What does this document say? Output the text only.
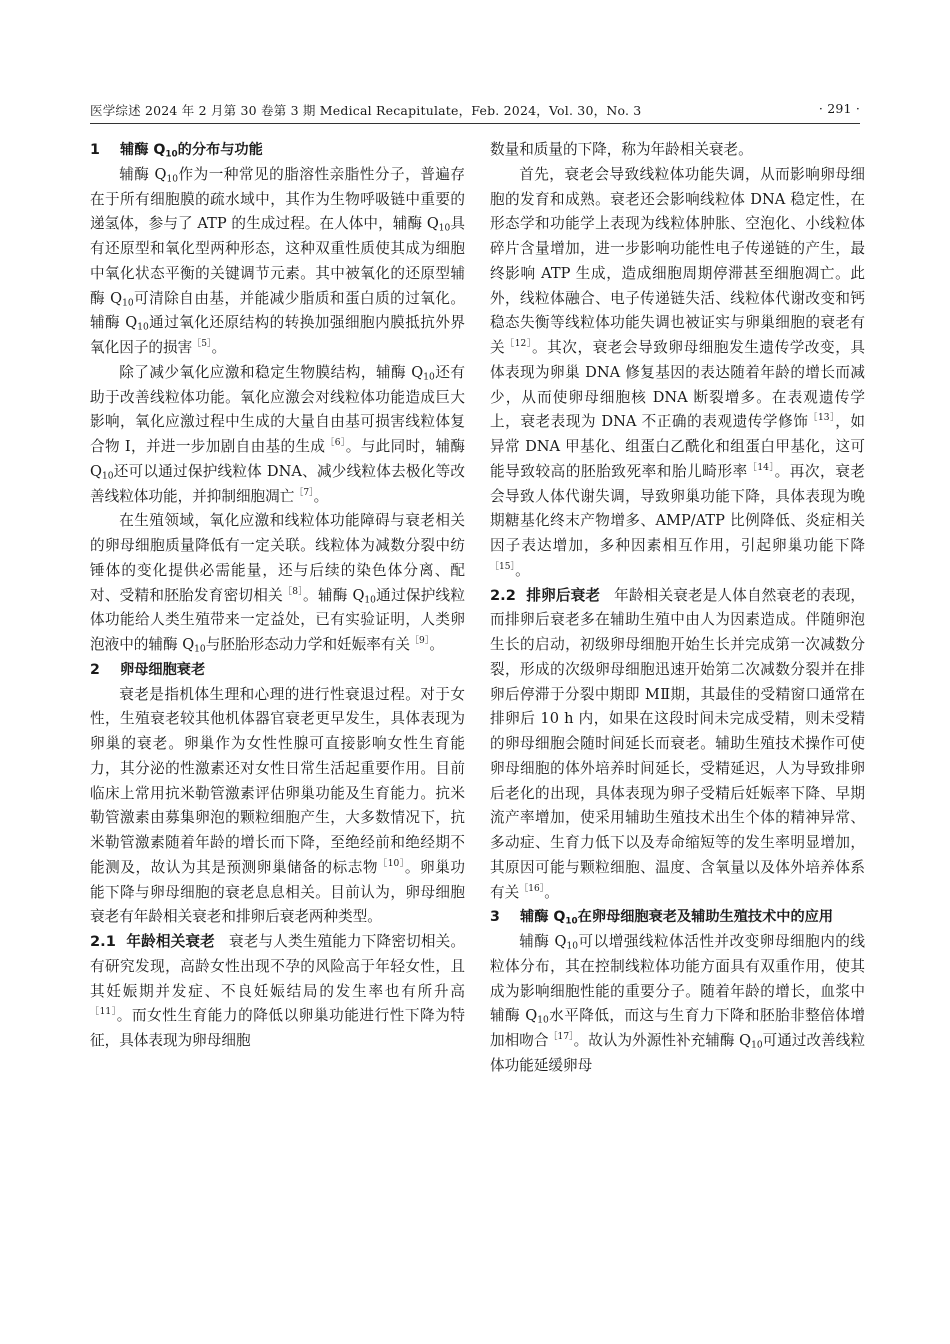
医学综述 2024 年 2 月第 30 卷第 3 期 Medical Recapitulate，Feb. 2024，Vol. 30，No. 3	· 291 ·
1 辅酶 $Q_{10}$的分布与功能

辅酶 $Q_{10}$作为一种常见的脂溶性亲脂性分子，普遍存在于所有细胞膜的疏水域中，其作为生物呼吸链中重要的递氢体，参与了 ATP 的生成过程。在人体中，辅酶 $Q_{10}$具有还原型和氧化型两种形态，这种双重性质使其成为细胞中氧化状态平衡的关键调节元素。其中被氧化的还原型辅酶 $Q_{10}$可清除自由基，并能减少脂质和蛋白质的过氧化。辅酶 $Q_{10}$通过氧化还原结构的转换加强细胞内膜抵抗外界氧化因子的损害$^{[5]}$。

除了减少氧化应激和稳定生物膜结构，辅酶 $Q_{10}$还有助于改善线粒体功能。氧化应激会对线粒体功能造成巨大影响，氧化应激过程中生成的大量自由基可损害线粒体复合物 Ⅰ，并进一步加剧自由基的生成$^{[6]}$。与此同时，辅酶 $Q_{10}$还可以通过保护线粒体 DNA、减少线粒体去极化等改善线粒体功能，并抑制细胞凋亡$^{[7]}$。

在生殖领域，氧化应激和线粒体功能障碍与衰老相关的卵母细胞质量降低有一定关联。线粒体为减数分裂中纺锤体的变化提供必需能量，还与后续的染色体分离、配对、受精和胚胎发育密切相关$^{[8]}$。辅酶 $Q_{10}$通过保护线粒体功能给人类生殖带来一定益处，已有实验证明，人类卵泡液中的辅酶 $Q_{10}$与胚胎形态动力学和妊娠率有关$^{[9]}$。

2 卵母细胞衰老

衰老是指机体生理和心理的进行性衰退过程。对于女性，生殖衰老较其他机体器官衰老更早发生，具体表现为卵巢的衰老。卵巢作为女性性腺可直接影响女性生育能力，其分泌的性激素还对女性日常生活起重要作用。目前临床上常用抗米勒管激素评估卵巢功能及生育能力。抗米勒管激素由募集卵泡的颗粒细胞产生，大多数情况下，抗米勒管激素随着年龄的增长而下降，至绝经前和绝经期不能测及，故认为其是预测卵巢储备的标志物$^{[10]}$。卵巢功能下降与卵母细胞的衰老息息相关。目前认为，卵母细胞衰老有年龄相关衰老和排卵后衰老两种类型。

2.1 年龄相关衰老 衰老与人类生殖能力下降密切相关。有研究发现，高龄女性出现不孕的风险高于年轻女性，且其妊娠期并发症、不良妊娠结局的发生率也有所升高$^{[11]}$。而女性生育能力的降低以卵巢功能进行性下降为特征，具体表现为卵母细胞

数量和质量的下降，称为年龄相关衰老。

首先，衰老会导致线粒体功能失调，从而影响卵母细胞的发育和成熟。衰老还会影响线粒体 DNA 稳定性，在形态学和功能学上表现为线粒体肿胀、空泡化、小线粒体碎片含量增加，进一步影响功能性电子传递链的产生，最终影响 ATP 生成，造成细胞周期停滞甚至细胞凋亡。此外，线粒体融合、电子传递链失活、线粒体代谢改变和钙稳态失衡等线粒体功能失调也被证实与卵巢细胞的衰老有关$^{[12]}$。其次，衰老会导致卵母细胞发生遗传学改变，具体表现为卵巢 DNA 修复基因的表达随着年龄的增长而减少，从而使卵母细胞核 DNA 断裂增多。在表观遗传学上，衰老表现为 DNA 不正确的表观遗传学修饰$^{[13]}$，如异常 DNA 甲基化、组蛋白乙酰化和组蛋白甲基化，这可能导致较高的胚胎致死率和胎儿畸形率$^{[14]}$。再次，衰老会导致人体代谢失调，导致卵巢功能下降，具体表现为晚期糖基化终末产物增多、AMP/ATP 比例降低、炎症相关因子表达增加，多种因素相互作用，引起卵巢功能下降$^{[15]}$。

2.2 排卵后衰老 年龄相关衰老是人体自然衰老的表现，而排卵后衰老多在辅助生殖中由人为因素造成。伴随卵泡生长的启动，初级卵母细胞开始生长并完成第一次减数分裂，形成的次级卵母细胞迅速开始第二次减数分裂并在排卵后停滞于分裂中期即 MⅡ期，其最佳的受精窗口通常在排卵后 10 h 内，如果在这段时间未完成受精，则未受精的卵母细胞会随时间延长而衰老。辅助生殖技术操作可使卵母细胞的体外培养时间延长，受精延迟，人为导致排卵后老化的出现，具体表现为卵子受精后妊娠率下降、早期流产率增加，使采用辅助生殖技术出生个体的精神异常、多动症、生育力低下以及寿命缩短等的发生率明显增加，其原因可能与颗粒细胞、温度、含氧量以及体外培养体系有关$^{[16]}$。

3 辅酶 $Q_{10}$在卵母细胞衰老及辅助生殖技术中的应用

辅酶 $Q_{10}$可以增强线粒体活性并改变卵母细胞内的线粒体分布，其在控制线粒体功能方面具有双重作用，使其成为影响细胞性能的重要分子。随着年龄的增长，血浆中辅酶 $Q_{10}$水平降低，而这与生育力下降和胚胎非整倍体增加相吻合$^{[17]}$。故认为外源性补充辅酶 $Q_{10}$可通过改善线粒体功能延缓卵母
